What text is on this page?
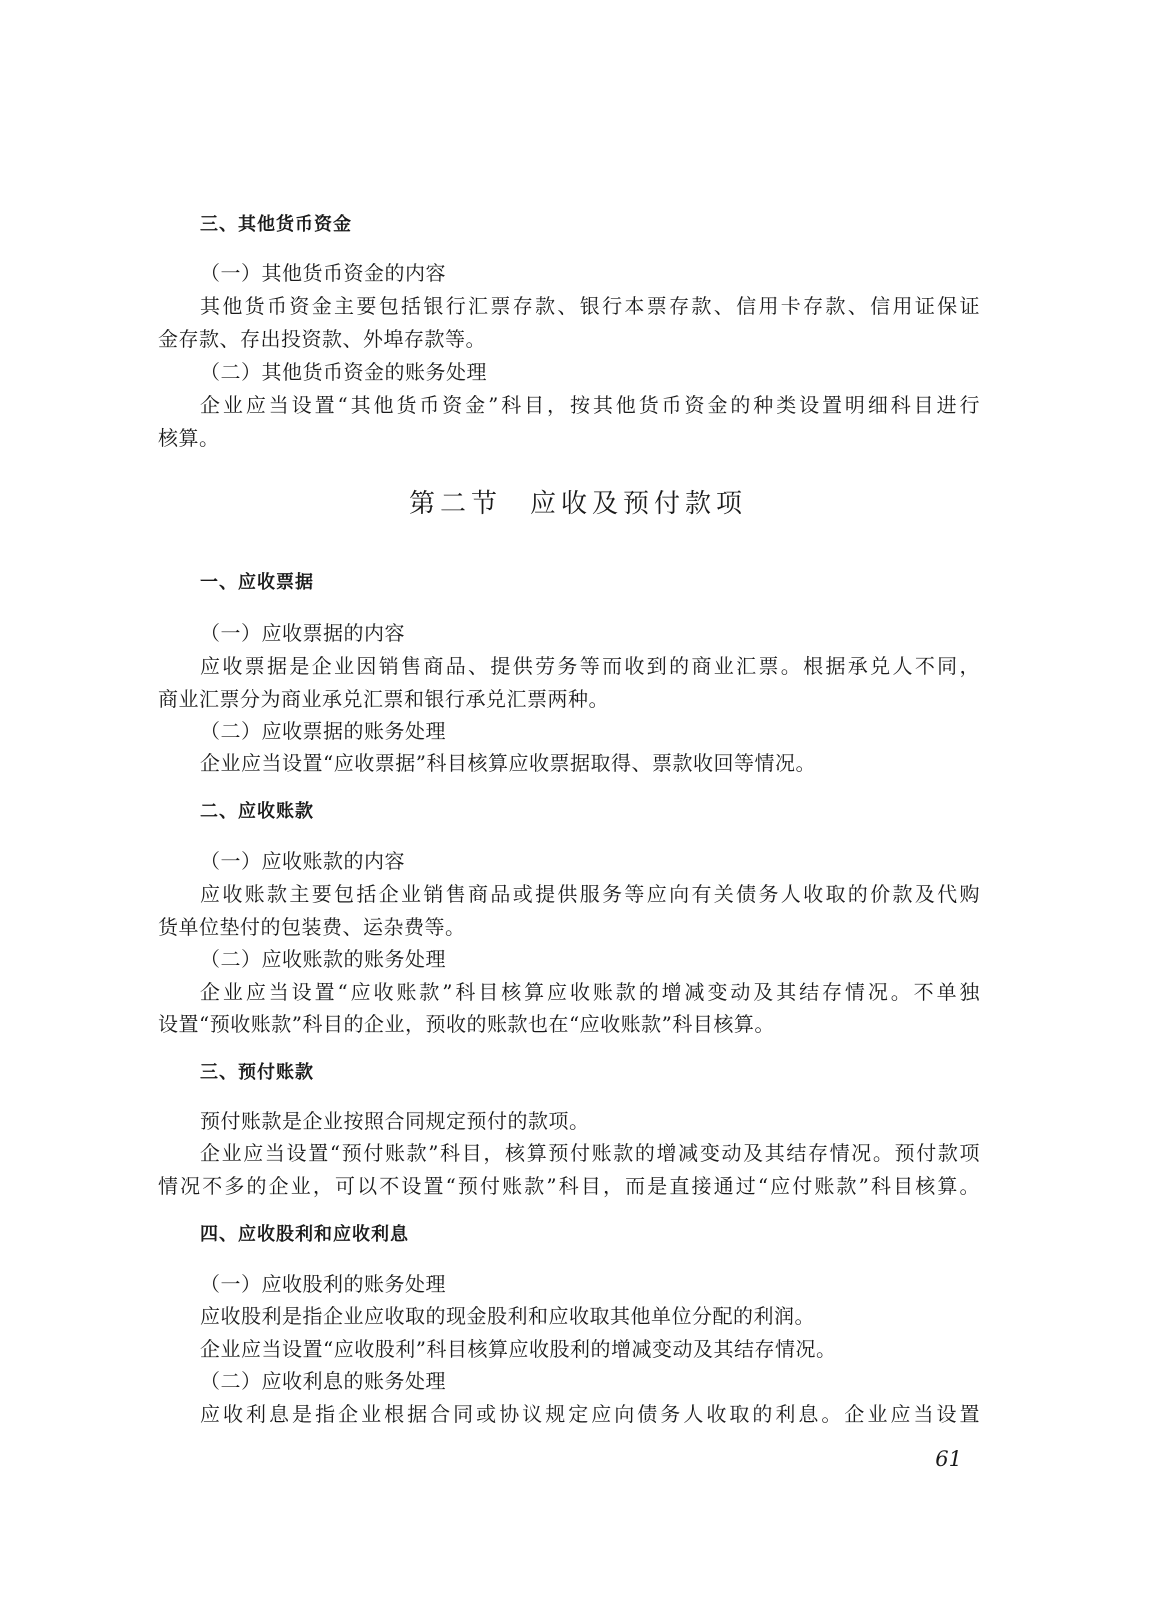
三、其他货币资金
（一）其他货币资金的内容
其他货币资金主要包括银行汇票存款、银行本票存款、信用卡存款、信用证保证
金存款、存出投资款、外埠存款等。
（二）其他货币资金的账务处理
企业应当设置“其他货币资金”科目，按其他货币资金的种类设置明细科目进行
核算。
第二节 应收及预付款项
一、应收票据
（一）应收票据的内容
应收票据是企业因销售商品、提供劳务等而收到的商业汇票。根据承兑人不同，
商业汇票分为商业承兑汇票和银行承兑汇票两种。
（二）应收票据的账务处理
企业应当设置“应收票据”科目核算应收票据取得、票款收回等情况。
二、应收账款
（一）应收账款的内容
应收账款主要包括企业销售商品或提供服务等应向有关债务人收取的价款及代购
货单位垫付的包装费、运杂费等。
（二）应收账款的账务处理
企业应当设置“应收账款”科目核算应收账款的增减变动及其结存情况。不单独
设置“预收账款”科目的企业，预收的账款也在“应收账款”科目核算。
三、预付账款
预付账款是企业按照合同规定预付的款项。
企业应当设置“预付账款”科目，核算预付账款的增减变动及其结存情况。预付款项
情况不多的企业，可以不设置“预付账款”科目，而是直接通过“应付账款”科目核算。
四、应收股利和应收利息
（一）应收股利的账务处理
应收股利是指企业应收取的现金股利和应收取其他单位分配的利润。
企业应当设置“应收股利”科目核算应收股利的增减变动及其结存情况。
（二）应收利息的账务处理
应收利息是指企业根据合同或协议规定应向债务人收取的利息。企业应当设置
61
